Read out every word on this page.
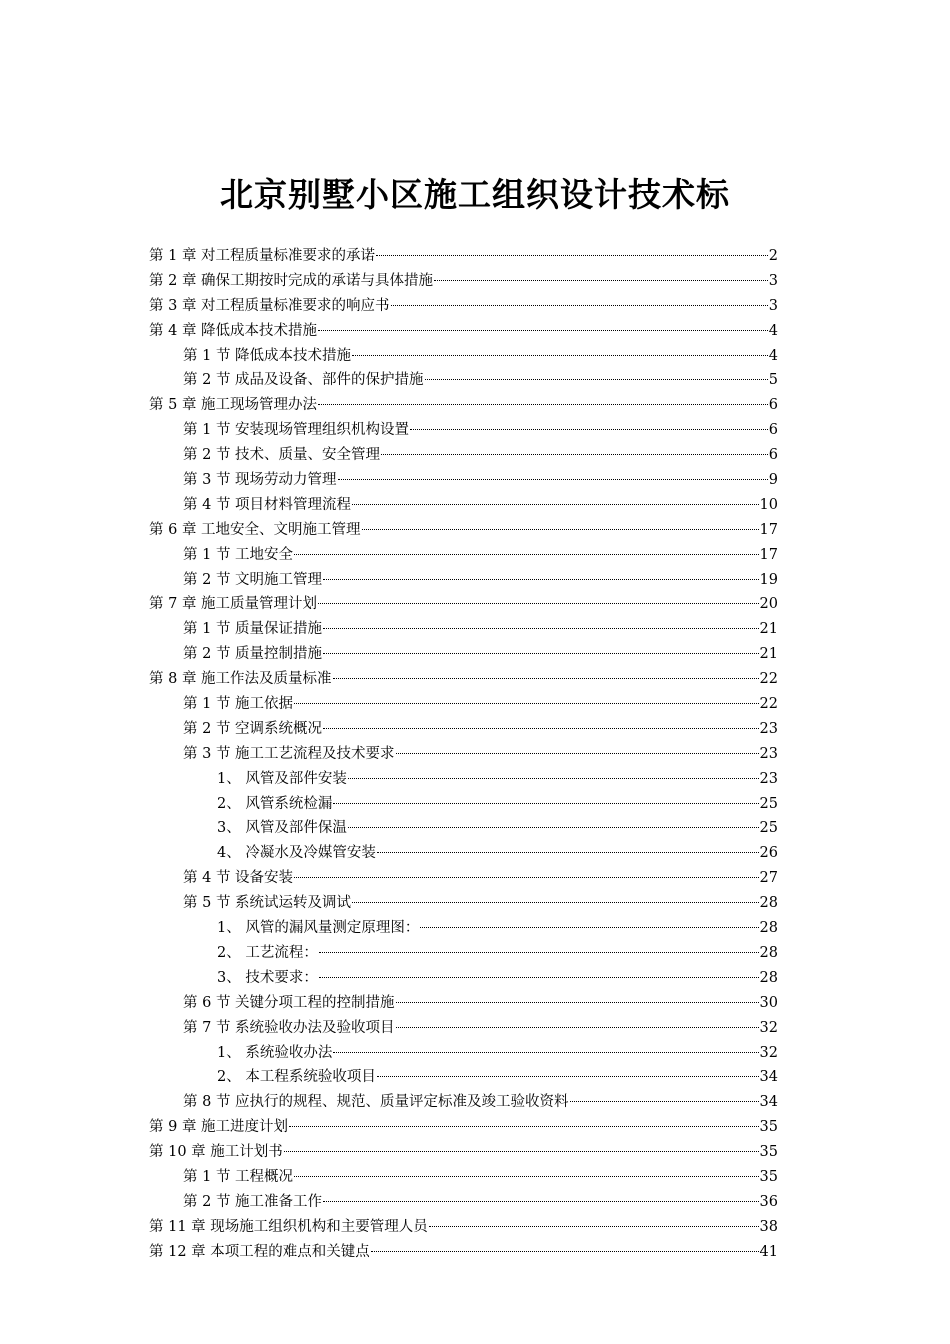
北京别墅小区施工组织设计技术标
第 1 章 对工程质量标准要求的承诺	2
第 2 章 确保工期按时完成的承诺与具体措施	3
第 3 章 对工程质量标准要求的响应书	3
第 4 章 降低成本技术措施	4
第 1 节 降低成本技术措施	4
第 2 节 成品及设备、部件的保护措施	5
第 5 章 施工现场管理办法	6
第 1 节 安装现场管理组织机构设置	6
第 2 节 技术、质量、安全管理	6
第 3 节 现场劳动力管理	9
第 4 节 项目材料管理流程	10
第 6 章 工地安全、文明施工管理	17
第 1 节 工地安全	17
第 2 节 文明施工管理	19
第 7 章 施工质量管理计划	20
第 1 节 质量保证措施	21
第 2 节 质量控制措施	21
第 8 章 施工作法及质量标准	22
第 1 节 施工依据	22
第 2 节 空调系统概况	23
第 3 节 施工工艺流程及技术要求	23
1、 风管及部件安装	23
2、 风管系统检漏	25
3、 风管及部件保温	25
4、 冷凝水及冷媒管安装	26
第 4 节 设备安装	27
第 5 节 系统试运转及调试	28
1、 风管的漏风量测定原理图：	28
2、 工艺流程：	28
3、 技术要求：	28
第 6 节 关键分项工程的控制措施	30
第 7 节 系统验收办法及验收项目	32
1、 系统验收办法	32
2、 本工程系统验收项目	34
第 8 节 应执行的规程、规范、质量评定标准及竣工验收资料	34
第 9 章 施工进度计划	35
第 10 章 施工计划书	35
第 1 节 工程概况	35
第 2 节 施工准备工作	36
第 11 章 现场施工组织机构和主要管理人员	38
第 12 章 本项工程的难点和关键点	41
